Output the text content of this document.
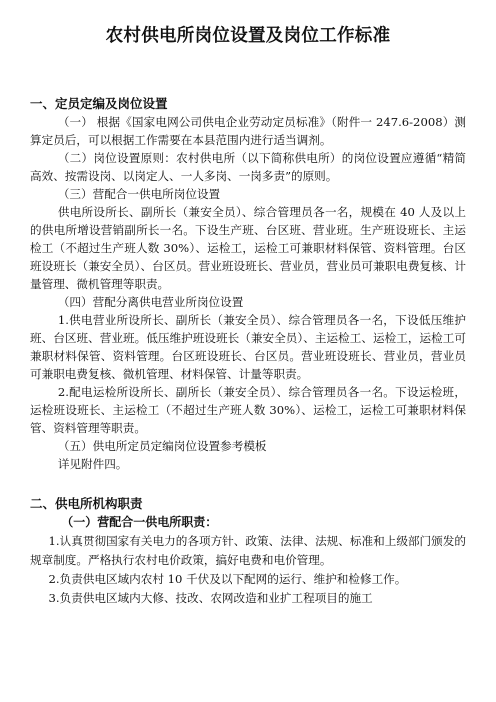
农村供电所岗位设置及岗位工作标准

一、定员定编及岗位设置

（一） 根据《国家电网公司供电企业劳动定员标准》（附件一 247.6-2008）测算定员后，可以根据工作需要在本县范围内进行适当调剂。

（二）岗位设置原则：农村供电所（以下简称供电所）的岗位设置应遵循“精简高效、按需设岗、以岗定人、一人多岗、一岗多责”的原则。

（三）营配合一供电所岗位设置

供电所设所长、副所长（兼安全员）、综合管理员各一名，规模在 40 人及以上的供电所增设营销副所长一名。下设生产班、台区班、营业班。生产班设班长、主运检工（不超过生产班人数 30%）、运检工，运检工可兼职材料保管、资料管理。台区班设班长（兼安全员）、台区员。营业班设班长、营业员，营业员可兼职电费复核、计量管理、微机管理等职责。

（四）营配分离供电营业所岗位设置

1.供电营业所设所长、副所长（兼安全员）、综合管理员各一名，下设低压维护班、台区班、营业班。低压维护班设班长（兼安全员）、主运检工、运检工，运检工可兼职材料保管、资料管理。台区班设班长、台区员。营业班设班长、营业员，营业员可兼职电费复核、微机管理、材料保管、计量等职责。

2.配电运检所设所长、副所长（兼安全员）、综合管理员各一名。下设运检班，运检班设班长、主运检工（不超过生产班人数 30%）、运检工，运检工可兼职材料保管、资料管理等职责。

（五）供电所定员定编岗位设置参考模板

详见附件四。

二、供电所机构职责

（一）营配合一供电所职责：

1.认真贯彻国家有关电力的各项方针、政策、法律、法规、标准和上级部门颁发的规章制度。严格执行农村电价政策，搞好电费和电价管理。

2.负责供电区域内农村 10 千伏及以下配网的运行、维护和检修工作。

3.负责供电区域内大修、技改、农网改造和业扩工程项目的施工
